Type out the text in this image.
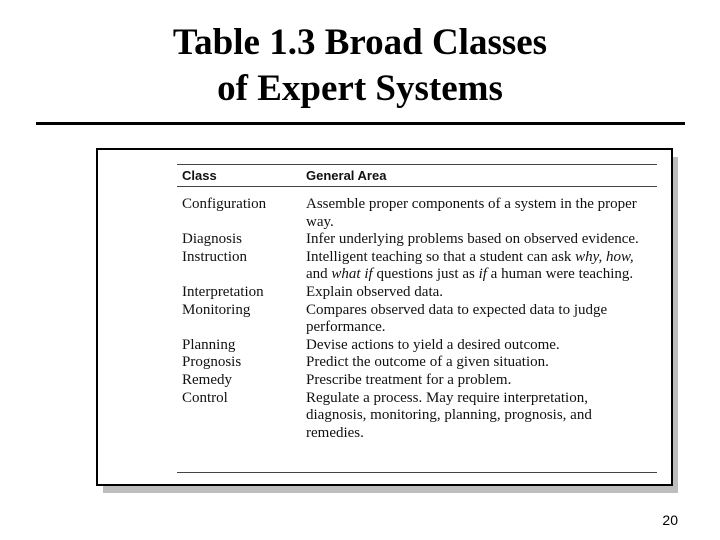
Table 1.3 Broad Classes
of Expert Systems
Class	General Area
Configuration	Assemble proper components of a system in the proper way.
Diagnosis	Infer underlying problems based on observed evidence.
Instruction	Intelligent teaching so that a student can ask why, how, and what if questions just as if a human were teaching.
Interpretation	Explain observed data.
Monitoring	Compares observed data to expected data to judge performance.
Planning	Devise actions to yield a desired outcome.
Prognosis	Predict the outcome of a given situation.
Remedy	Prescribe treatment for a problem.
Control	Regulate a process. May require interpretation, diagnosis, monitoring, planning, prognosis, and remedies.
20
